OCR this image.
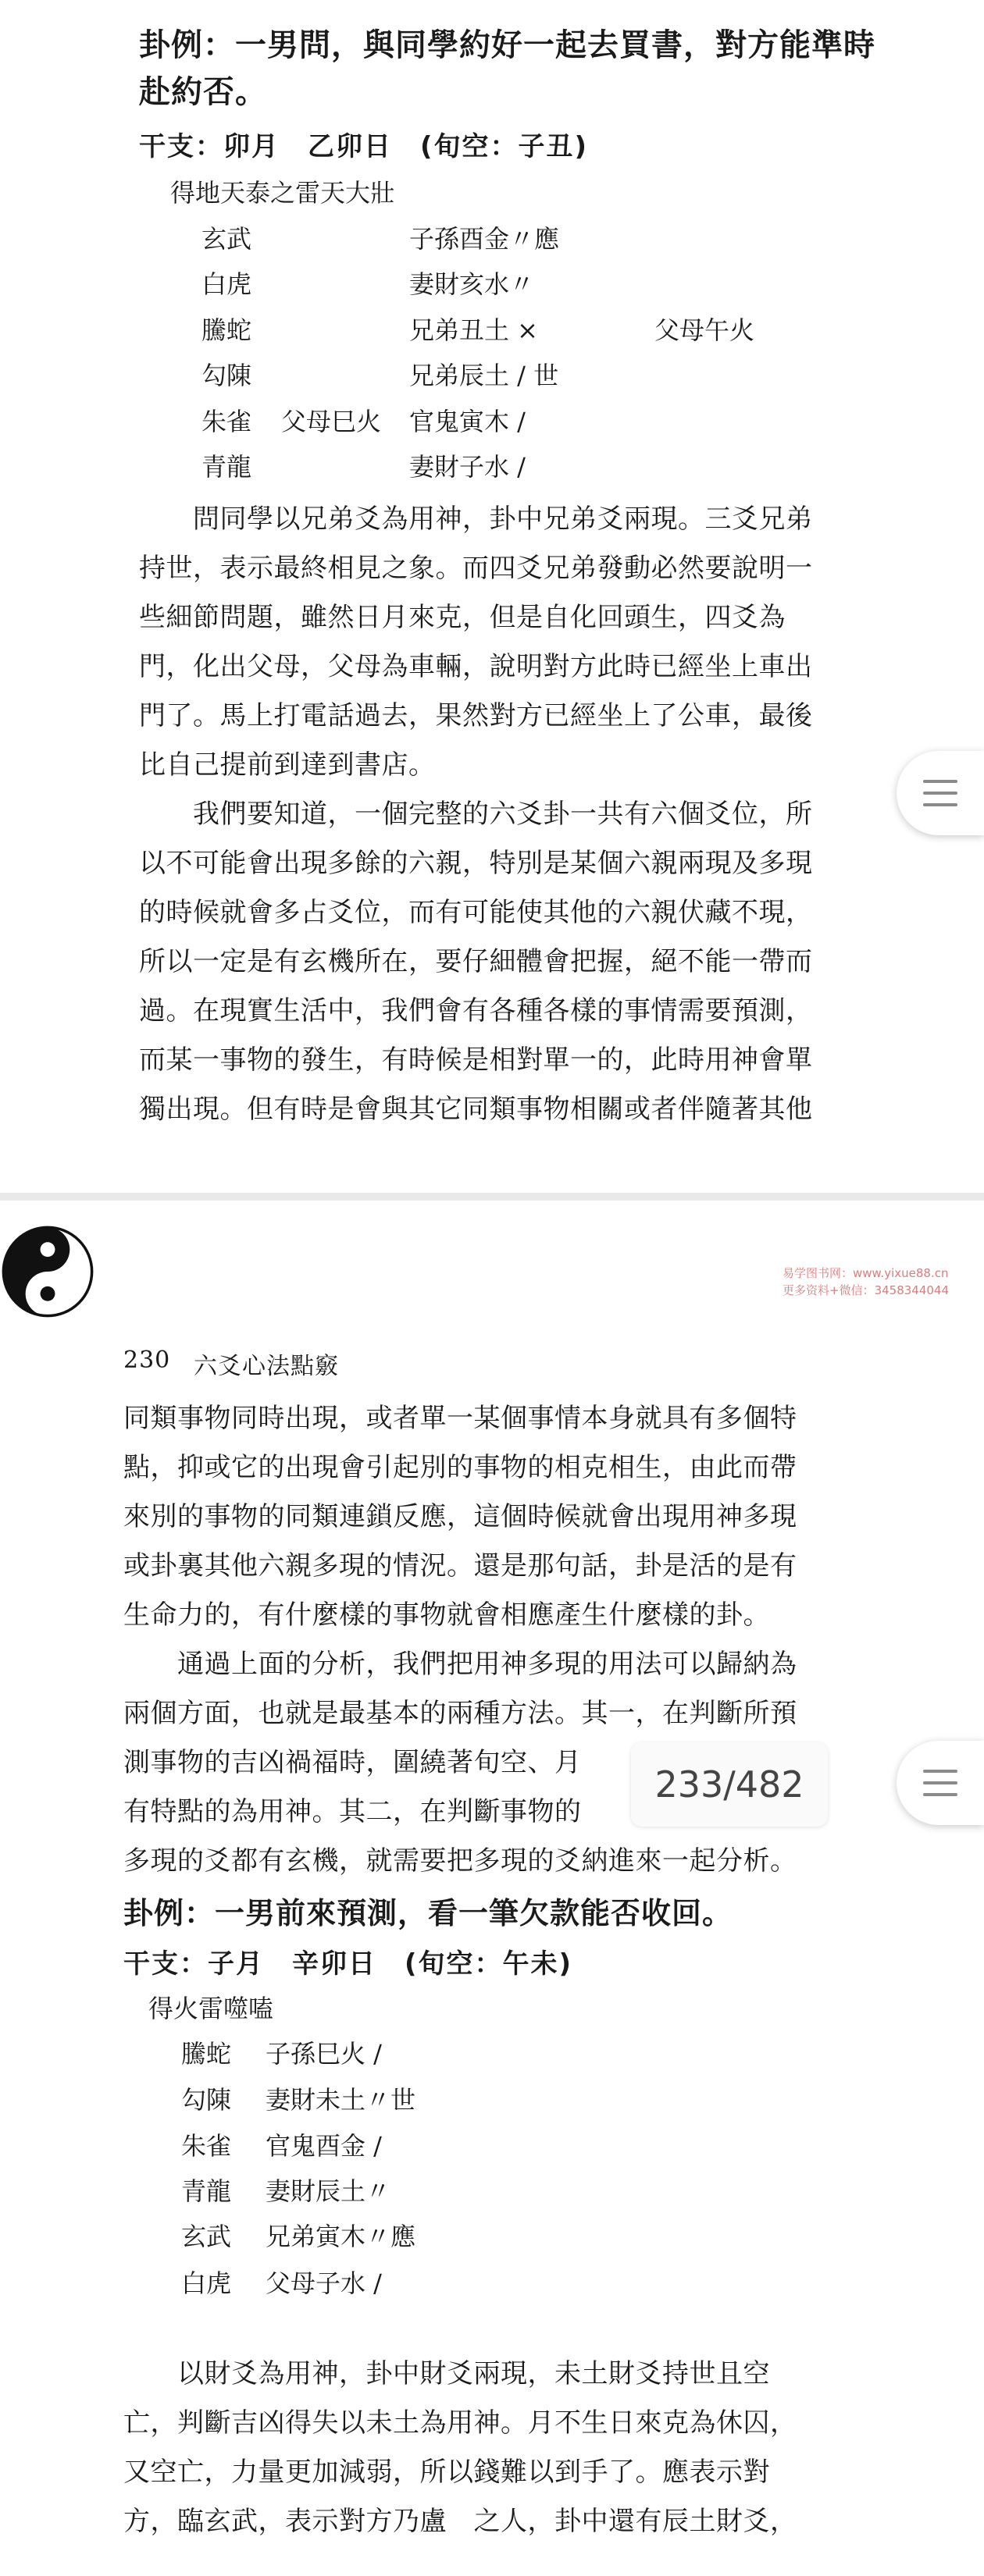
卦例：一男問，與同學約好一起去買書，對方能準時
赴約否。
干支：卯月　乙卯日　(旬空：子丑)
得地天泰之雷天大壯
玄武	子孫酉金〃應
白虎	妻財亥水〃
騰蛇	兄弟丑土 ×	父母午火
勾陳	兄弟辰土 / 世
朱雀 父母巳火 官鬼寅木 /
青龍	妻財子水 /
　　問同學以兄弟爻為用神，卦中兄弟爻兩現。三爻兄弟
持世，表示最終相見之象。而四爻兄弟發動必然要說明一
些細節問題，雖然日月來克，但是自化回頭生，四爻為
門，化出父母，父母為車輛，說明對方此時已經坐上車出
門了。馬上打電話過去，果然對方已經坐上了公車，最後
比自己提前到達到書店。
　　我們要知道，一個完整的六爻卦一共有六個爻位，所
以不可能會出現多餘的六親，特別是某個六親兩現及多現
的時候就會多占爻位，而有可能使其他的六親伏藏不現，
所以一定是有玄機所在，要仔細體會把握，絕不能一帶而
過。在現實生活中，我們會有各種各樣的事情需要預測，
而某一事物的發生，有時候是相對單一的，此時用神會單
獨出現。但有時是會與其它同類事物相關或者伴隨著其他
易学图书网：www.yixue88.cn
更多资料+微信：3458344044
230 六爻心法點竅
同類事物同時出現，或者單一某個事情本身就具有多個特
點，抑或它的出現會引起別的事物的相克相生，由此而帶
來別的事物的同類連鎖反應，這個時候就會出現用神多現
或卦裏其他六親多現的情況。還是那句話，卦是活的是有
生命力的，有什麼樣的事物就會相應產生什麼樣的卦。
　　通過上面的分析，我們把用神多現的用法可以歸納為
兩個方面，也就是最基本的兩種方法。其一，在判斷所預
測事物的吉凶禍福時，圍繞著旬空、月
有特點的為用神。其二，在判斷事物的
多現的爻都有玄機，就需要把多現的爻納進來一起分析。
卦例：一男前來預測，看一筆欠款能否收回。
干支：子月　辛卯日　(旬空：午未)
得火雷噬嗑
騰蛇 子孫巳火 /
勾陳 妻財未土〃世
朱雀 官鬼酉金 /
青龍 妻財辰土〃
玄武 兄弟寅木〃應
白虎 父母子水 /
　　以財爻為用神，卦中財爻兩現，未土財爻持世且空
亡，判斷吉凶得失以未土為用神。月不生日來克為休囚，
又空亡，力量更加減弱，所以錢難以到手了。應表示對
方，臨玄武，表示對方乃盧　之人，卦中還有辰土財爻，
233/482
